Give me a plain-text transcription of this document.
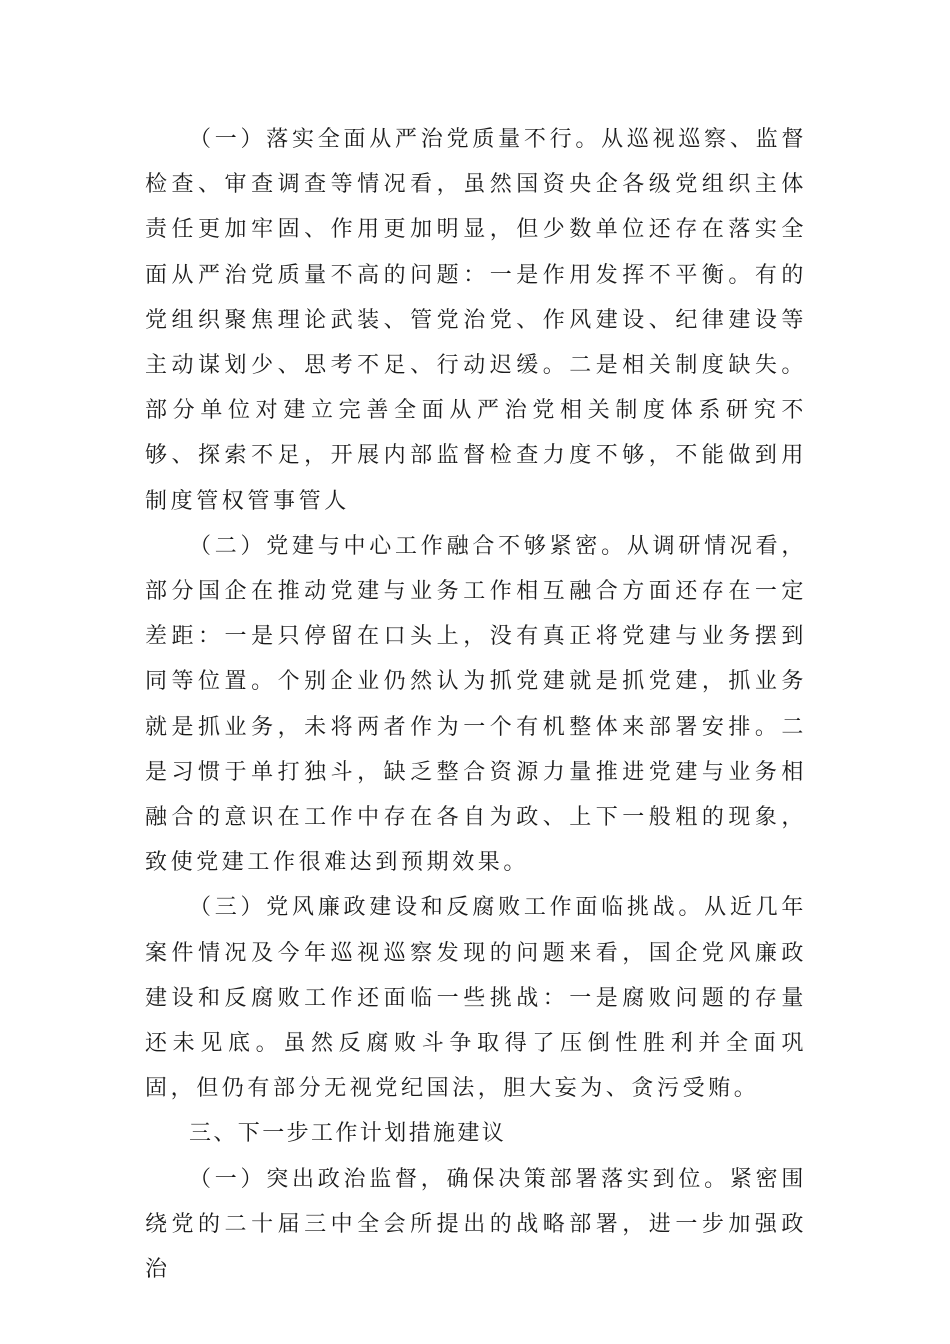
（一）落实全面从严治党质量不行。从巡视巡察、监督检查、审查调查等情况看，虽然国资央企各级党组织主体责任更加牢固、作用更加明显，但少数单位还存在落实全面从严治党质量不高的问题：一是作用发挥不平衡。有的党组织聚焦理论武装、管党治党、作风建设、纪律建设等主动谋划少、思考不足、行动迟缓。二是相关制度缺失。部分单位对建立完善全面从严治党相关制度体系研究不够、探索不足，开展内部监督检查力度不够，不能做到用制度管权管事管人

（二）党建与中心工作融合不够紧密。从调研情况看，部分国企在推动党建与业务工作相互融合方面还存在一定差距：一是只停留在口头上，没有真正将党建与业务摆到同等位置。个别企业仍然认为抓党建就是抓党建，抓业务就是抓业务，未将两者作为一个有机整体来部署安排。二是习惯于单打独斗，缺乏整合资源力量推进党建与业务相融合的意识在工作中存在各自为政、上下一般粗的现象，致使党建工作很难达到预期效果。

（三）党风廉政建设和反腐败工作面临挑战。从近几年案件情况及今年巡视巡察发现的问题来看，国企党风廉政建设和反腐败工作还面临一些挑战：一是腐败问题的存量还未见底。虽然反腐败斗争取得了压倒性胜利并全面巩固，但仍有部分无视党纪国法，胆大妄为、贪污受贿。

三、下一步工作计划措施建议

（一）突出政治监督，确保决策部署落实到位。紧密围绕党的二十届三中全会所提出的战略部署，进一步加强政治
